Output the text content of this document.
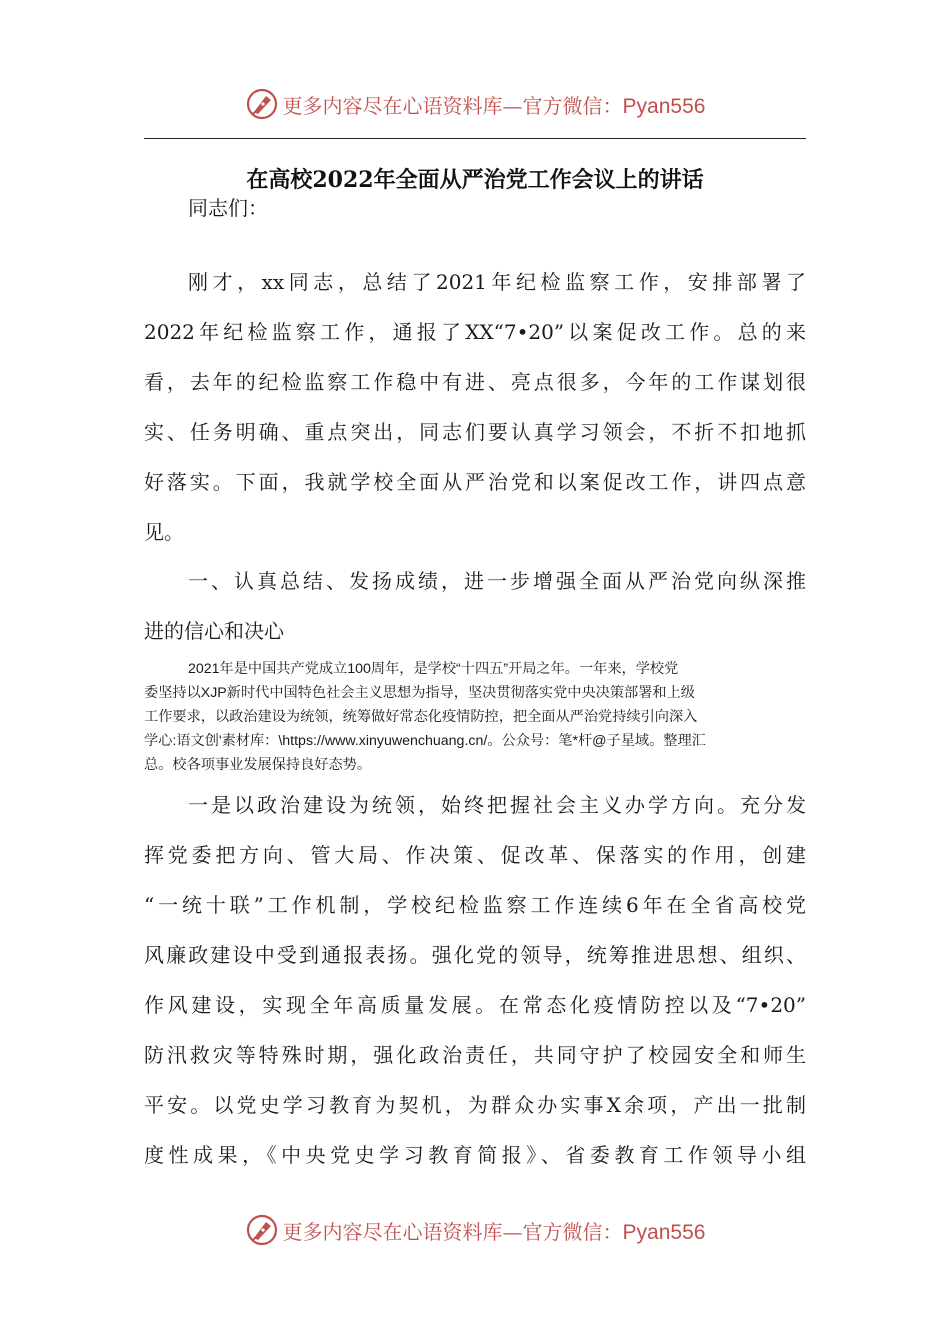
更多内容尽在心语资料库—官方微信：Pyan556
在高校2022年全面从严治党工作会议上的讲话
同志们：
刚才，xx同志，总结了2021年纪检监察工作，安排部署了
2022年纪检监察工作，通报了XX“7•20”以案促改工作。总的来
看，去年的纪检监察工作稳中有进、亮点很多，今年的工作谋划很
实、任务明确、重点突出，同志们要认真学习领会，不折不扣地抓
好落实。下面，我就学校全面从严治党和以案促改工作，讲四点意
见。
一、认真总结、发扬成绩，进一步增强全面从严治党向纵深推
进的信心和决心
2021年是中国共产党成立100周年，是学校“十四五”开局之年。一年来，学校党
委坚持以XJP新时代中国特色社会主义思想为指导，坚决贯彻落实党中央决策部署和上级
工作要求，以政治建设为统领，统筹做好常态化疫情防控，把全面从严治党持续引向深入
学心:语文创'素材库：\https://www.xinyuwenchuang.cn/。公众号：笔*杆@子星域。整理汇
总。校各项事业发展保持良好态势。
一是以政治建设为统领，始终把握社会主义办学方向。充分发
挥党委把方向、管大局、作决策、促改革、保落实的作用，创建
“一统十联”工作机制，学校纪检监察工作连续6年在全省高校党
风廉政建设中受到通报表扬。强化党的领导，统筹推进思想、组织、
作风建设，实现全年高质量发展。在常态化疫情防控以及“7•20”
防汛救灾等特殊时期，强化政治责任，共同守护了校园安全和师生
平安。以党史学习教育为契机，为群众办实事X余项，产出一批制
度性成果，《中央党史学习教育简报》、省委教育工作领导小组
更多内容尽在心语资料库—官方微信：Pyan556
